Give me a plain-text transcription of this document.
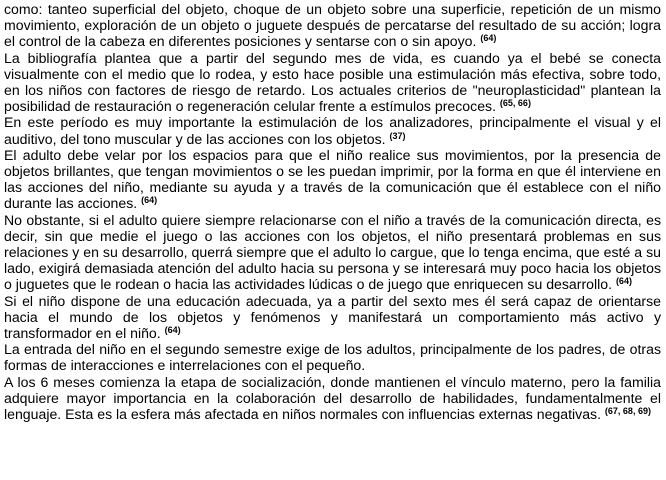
como: tanteo superficial del objeto, choque de un objeto sobre una superficie, repetición de un mismo movimiento, exploración de un objeto o juguete después de percatarse del resultado de su acción; logra el control de la cabeza en diferentes posiciones y sentarse con o sin apoyo. $^{(64)}$

La bibliografía plantea que a partir del segundo mes de vida, es cuando ya el bebé se conecta visualmente con el medio que lo rodea, y esto hace posible una estimulación más efectiva, sobre todo, en los niños con factores de riesgo de retardo. Los actuales criterios de "neuroplasticidad" plantean la posibilidad de restauración o regeneración celular frente a estímulos precoces. $^{(65, 66)}$

En este período es muy importante la estimulación de los analizadores, principalmente el visual y el auditivo, del tono muscular y de las acciones con los objetos. $^{(37)}$

El adulto debe velar por los espacios para que el niño realice sus movimientos, por la presencia de objetos brillantes, que tengan movimientos o se les puedan imprimir, por la forma en que él interviene en las acciones del niño, mediante su ayuda y a través de la comunicación que él establece con el niño durante las acciones. $^{(64)}$

No obstante, si el adulto quiere siempre relacionarse con el niño a través de la comunicación directa, es decir, sin que medie el juego o las acciones con los objetos, el niño presentará problemas en sus relaciones y en su desarrollo, querrá siempre que el adulto lo cargue, que lo tenga encima, que esté a su lado, exigirá demasiada atención del adulto hacia su persona y se interesará muy poco hacia los objetos o juguetes que le rodean o hacia las actividades lúdicas o de juego que enriquecen su desarrollo. $^{(64)}$

Si el niño dispone de una educación adecuada, ya a partir del sexto mes él será capaz de orientarse hacia el mundo de los objetos y fenómenos y manifestará un comportamiento más activo y transformador en el niño. $^{(64)}$

La entrada del niño en el segundo semestre exige de los adultos, principalmente de los padres, de otras formas de interacciones e interrelaciones con el pequeño.

A los 6 meses comienza la etapa de socialización, donde mantienen el vínculo materno, pero la familia adquiere mayor importancia en la colaboración del desarrollo de habilidades, fundamentalmente el lenguaje. Esta es la esfera más afectada en niños normales con influencias externas negativas. $^{(67, 68, 69)}$
